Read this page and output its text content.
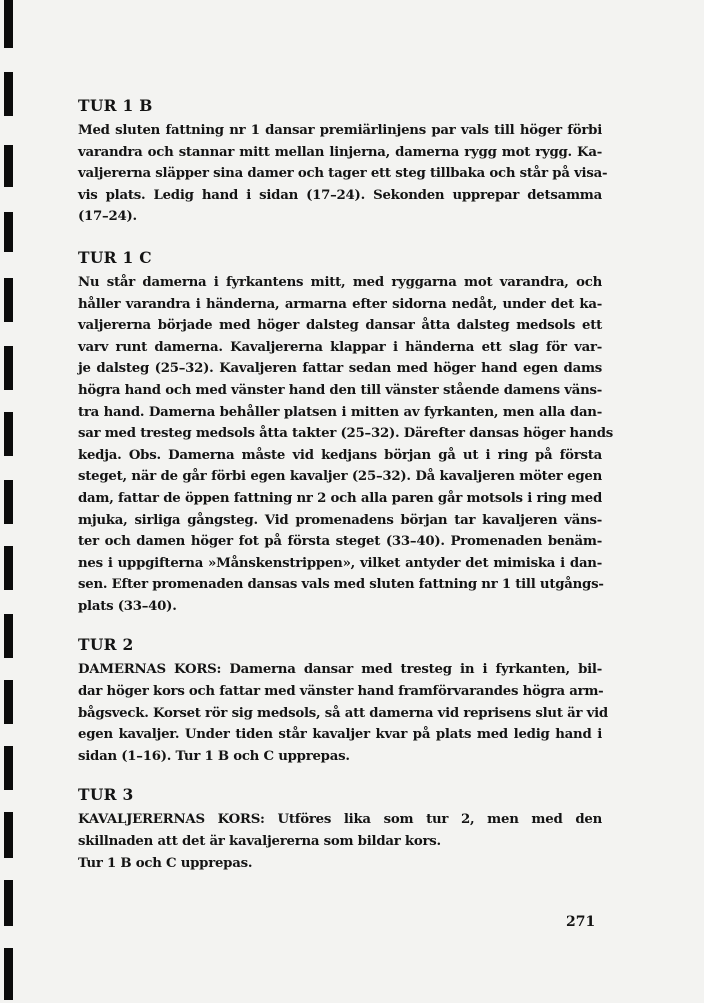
TUR 1 B

Med sluten fattning nr 1 dansar premiärlinjens par vals till höger förbi
varandra och stannar mitt mellan linjerna, damerna rygg mot rygg. Ka-
valjererna släpper sina damer och tager ett steg tillbaka och står på visa-
vis plats. Ledig hand i sidan (17–24). Sekonden upprepar detsamma
(17–24).

TUR 1 C

Nu står damerna i fyrkantens mitt, med ryggarna mot varandra, och
håller varandra i händerna, armarna efter sidorna nedåt, under det ka-
valjererna började med höger dalsteg dansar åtta dalsteg medsols ett
varv runt damerna. Kavaljererna klappar i händerna ett slag för var-
je dalsteg (25–32). Kavaljeren fattar sedan med höger hand egen dams
högra hand och med vänster hand den till vänster stående damens väns-
tra hand. Damerna behåller platsen i mitten av fyrkanten, men alla dan-
sar med tresteg medsols åtta takter (25–32). Därefter dansas höger hands
kedja. Obs. Damerna måste vid kedjans början gå ut i ring på första
steget, när de går förbi egen kavaljer (25–32). Då kavaljeren möter egen
dam, fattar de öppen fattning nr 2 och alla paren går motsols i ring med
mjuka, sirliga gångsteg. Vid promenadens början tar kavaljeren väns-
ter och damen höger fot på första steget (33–40). Promenaden benäm-
nes i uppgifterna »Månskenstrippen», vilket antyder det mimiska i dan-
sen. Efter promenaden dansas vals med sluten fattning nr 1 till utgångs-
plats (33–40).

TUR 2

DAMERNAS KORS: Damerna dansar med tresteg in i fyrkanten, bil-
dar höger kors och fattar med vänster hand framförvarandes högra arm-
bågsveck. Korset rör sig medsols, så att damerna vid reprisens slut är vid
egen kavaljer. Under tiden står kavaljer kvar på plats med ledig hand i
sidan (1–16). Tur 1 B och C upprepas.

TUR 3

KAVALJERERNAS KORS: Utföres lika som tur 2, men med den
skillnaden att det är kavaljererna som bildar kors.
Tur 1 B och C upprepas.

271
